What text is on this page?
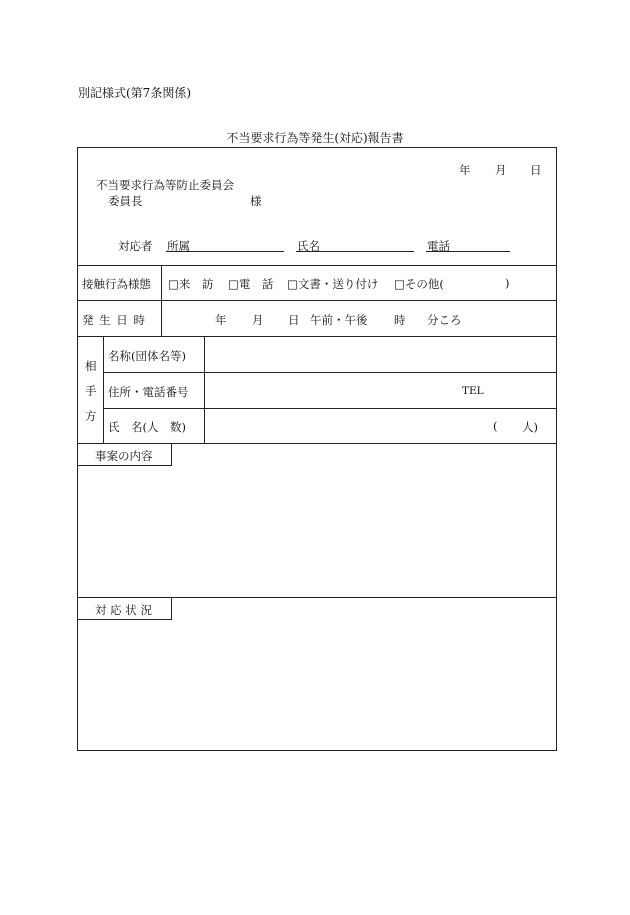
別記様式(第7条関係)
不当要求行為等発生(対応)報告書
年 月 日
不当要求行為等防止委員会
委員長	様
対応者 所属	氏名	電話
接触行為様態 □来　訪 □電　話 □文書・送り付け □その他(	)
発 生 日 時	年 月 日 午前・午後 時 分ころ
相
手
方
名称(団体名等)
住所・電話番号	TEL
氏　名(人　数)	( 人)
事案の内容
対 応 状 況
